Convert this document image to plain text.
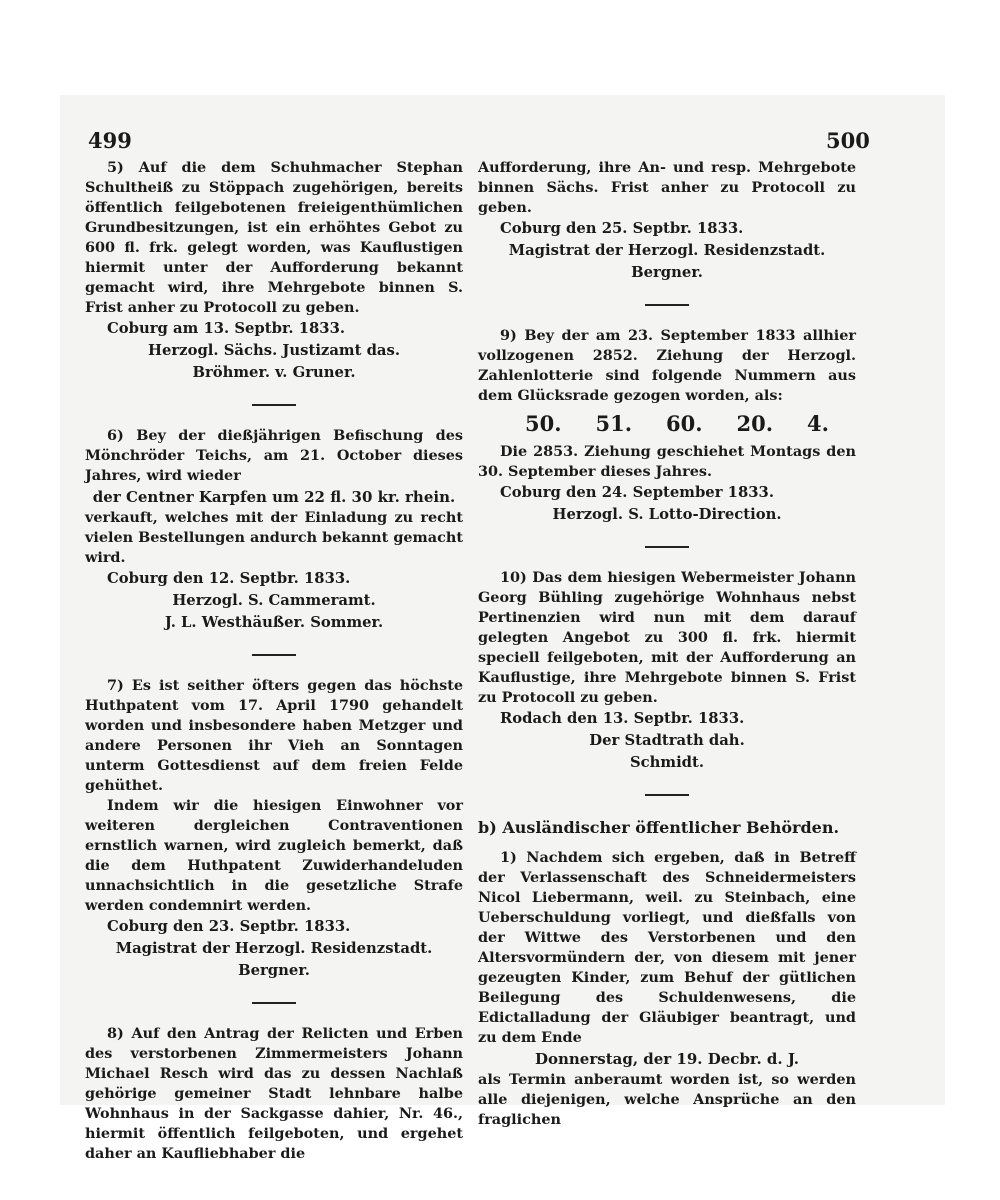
499	500

5) Auf die dem Schuhmacher Stephan Schultheiß zu Stöppach zugehörigen, bereits öffentlich feilgebotenen freieigenthümlichen Grundbesitzungen, ist ein erhöhtes Gebot zu 600 fl. frk. gelegt worden, was Kauflustigen hiermit unter der Aufforderung bekannt gemacht wird, ihre Mehrgebote binnen S. Frist anher zu Protocoll zu geben.

Coburg am 13. Septbr. 1833.

Herzogl. Sächs. Justizamt das.

Bröhmer. v. Gruner.

6) Bey der dießjährigen Befischung des Mönchröder Teichs, am 21. October dieses Jahres, wird wieder

der Centner Karpfen um 22 fl. 30 kr. rhein.

verkauft, welches mit der Einladung zu recht vielen Bestellungen andurch bekannt gemacht wird.

Coburg den 12. Septbr. 1833.

Herzogl. S. Cammeramt.

J. L. Westhäußer. Sommer.

7) Es ist seither öfters gegen das höchste Huthpatent vom 17. April 1790 gehandelt worden und insbesondere haben Metzger und andere Personen ihr Vieh an Sonntagen unterm Gottesdienst auf dem freien Felde gehüthet.

Indem wir die hiesigen Einwohner vor weiteren dergleichen Contraventionen ernstlich warnen, wird zugleich bemerkt, daß die dem Huthpatent Zuwiderhandeluden unnachsichtlich in die gesetzliche Strafe werden condemnirt werden.

Coburg den 23. Septbr. 1833.

Magistrat der Herzogl. Residenzstadt.

Bergner.

8) Auf den Antrag der Relicten und Erben des verstorbenen Zimmermeisters Johann Michael Resch wird das zu dessen Nachlaß gehörige gemeiner Stadt lehnbare halbe Wohnhaus in der Sackgasse dahier, Nr. 46., hiermit öffentlich feilgeboten, und ergehet daher an Kaufliebhaber die

Aufforderung, ihre An- und resp. Mehrgebote binnen Sächs. Frist anher zu Protocoll zu geben.

Coburg den 25. Septbr. 1833.

Magistrat der Herzogl. Residenzstadt.

Bergner.

9) Bey der am 23. September 1833 allhier vollzogenen 2852. Ziehung der Herzogl. Zahlenlotterie sind folgende Nummern aus dem Glücksrade gezogen worden, als:

50. 51. 60. 20. 4.

Die 2853. Ziehung geschiehet Montags den 30. September dieses Jahres.

Coburg den 24. September 1833.

Herzogl. S. Lotto-Direction.

10) Das dem hiesigen Webermeister Johann Georg Bühling zugehörige Wohnhaus nebst Pertinenzien wird nun mit dem darauf gelegten Angebot zu 300 fl. frk. hiermit speciell feilgeboten, mit der Aufforderung an Kauflustige, ihre Mehrgebote binnen S. Frist zu Protocoll zu geben.

Rodach den 13. Septbr. 1833.

Der Stadtrath dah.

Schmidt.

b) Ausländischer öffentlicher Behörden.

1) Nachdem sich ergeben, daß in Betreff der Verlassenschaft des Schneidermeisters Nicol Liebermann, weil. zu Steinbach, eine Ueberschuldung vorliegt, und dießfalls von der Wittwe des Verstorbenen und den Altersvormündern der, von diesem mit jener gezeugten Kinder, zum Behuf der gütlichen Beilegung des Schuldenwesens, die Edictalladung der Gläubiger beantragt, und zu dem Ende

Donnerstag, der 19. Decbr. d. J.

als Termin anberaumt worden ist, so werden alle diejenigen, welche Ansprüche an den fraglichen
